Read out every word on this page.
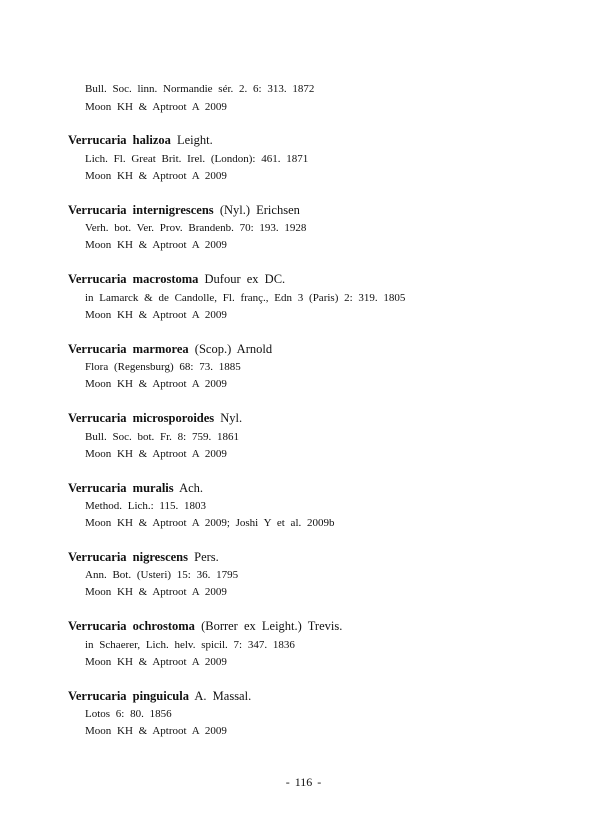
Bull. Soc. linn. Normandie sér. 2. 6: 313. 1872
Moon KH & Aptroot A 2009
Verrucaria halizoa Leight.
Lich. Fl. Great Brit. Irel. (London): 461. 1871
Moon KH & Aptroot A 2009
Verrucaria internigrescens (Nyl.) Erichsen
Verh. bot. Ver. Prov. Brandenb. 70: 193. 1928
Moon KH & Aptroot A 2009
Verrucaria macrostoma Dufour ex DC.
in Lamarck & de Candolle, Fl. franç., Edn 3 (Paris) 2: 319. 1805
Moon KH & Aptroot A 2009
Verrucaria marmorea (Scop.) Arnold
Flora (Regensburg) 68: 73. 1885
Moon KH & Aptroot A 2009
Verrucaria microsporoides Nyl.
Bull. Soc. bot. Fr. 8: 759. 1861
Moon KH & Aptroot A 2009
Verrucaria muralis Ach.
Method. Lich.: 115. 1803
Moon KH & Aptroot A 2009; Joshi Y et al. 2009b
Verrucaria nigrescens Pers.
Ann. Bot. (Usteri) 15: 36. 1795
Moon KH & Aptroot A 2009
Verrucaria ochrostoma (Borrer ex Leight.) Trevis.
in Schaerer, Lich. helv. spicil. 7: 347. 1836
Moon KH & Aptroot A 2009
Verrucaria pinguicula A. Massal.
Lotos 6: 80. 1856
Moon KH & Aptroot A 2009
- 116 -
